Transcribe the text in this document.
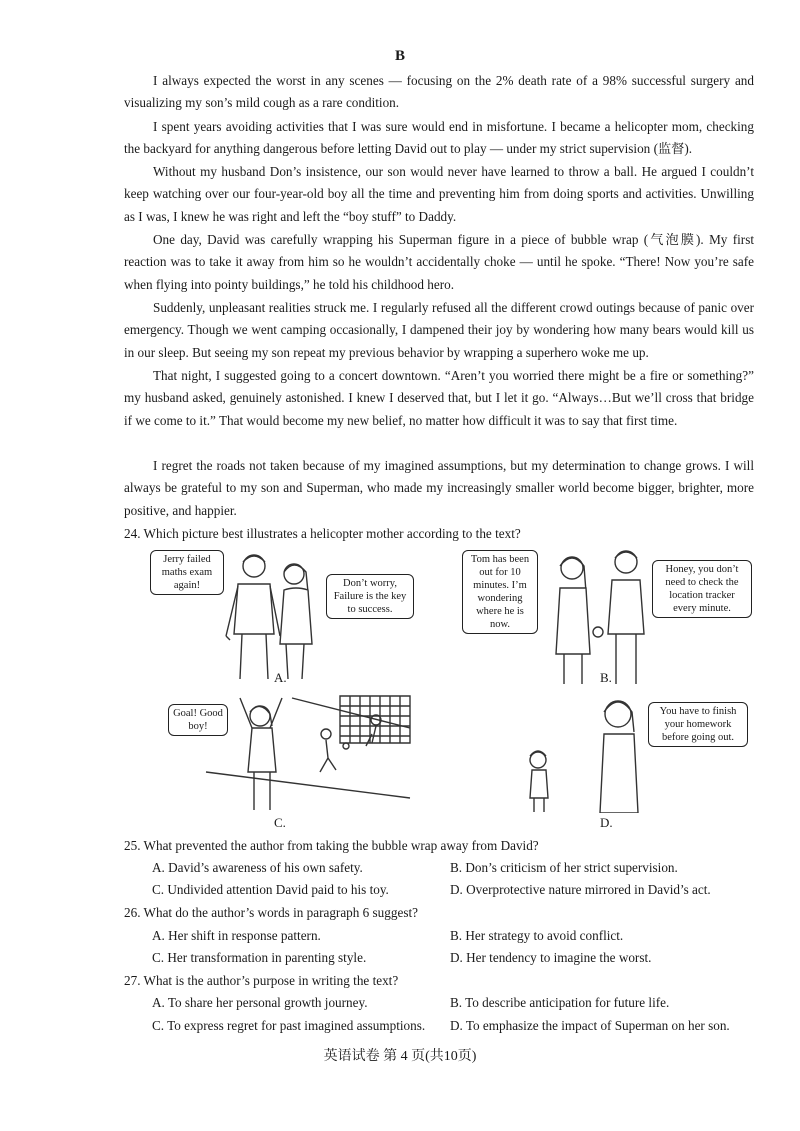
B

I always expected the worst in any scenes — focusing on the 2% death rate of a 98% successful surgery and visualizing my son’s mild cough as a rare condition.

I spent years avoiding activities that I was sure would end in misfortune. I became a helicopter mom, checking the backyard for anything dangerous before letting David out to play — under my strict supervision (监督).

Without my husband Don’s insistence, our son would never have learned to throw a ball. He argued I couldn’t keep watching over our four-year-old boy all the time and preventing him from doing sports and activities. Unwilling as I was, I knew he was right and left the “boy stuff” to Daddy.

One day, David was carefully wrapping his Superman figure in a piece of bubble wrap (气泡膜). My first reaction was to take it away from him so he wouldn’t accidentally choke — until he spoke. “There! Now you’re safe when flying into pointy buildings,” he told his childhood hero.

Suddenly, unpleasant realities struck me. I regularly refused all the different crowd outings because of panic over emergency. Though we went camping occasionally, I dampened their joy by wondering how many bears would kill us in our sleep. But seeing my son repeat my previous behavior by wrapping a superhero woke me up.

That night, I suggested going to a concert downtown. “Aren’t you worried there might be a fire or something?” my husband asked, genuinely astonished. I knew I deserved that, but I let it go. “Always…But we’ll cross that bridge if we come to it.” That would become my new belief, no matter how difficult it was to say that first time.

I regret the roads not taken because of my imagined assumptions, but my determination to change grows. I will always be grateful to my son and Superman, who made my increasingly smaller world become bigger, brighter, more positive, and happier.

24. Which picture best illustrates a helicopter mother according to the text?
Jerry failed maths exam again!	Don’t worry, Failure is the key to success.
A.
Tom has been out for 10 minutes. I’m wondering where he is now.
Honey, you don’t need to check the location tracker every minute.
B.
Goal! Good boy!
C.
You have to finish your homework before going out.
D.
25. What prevented the author from taking the bubble wrap away from David?
A. David’s awareness of his own safety.	B. Don’s criticism of her strict supervision.
C. Undivided attention David paid to his toy.	D. Overprotective nature mirrored in David’s act.
26. What do the author’s words in paragraph 6 suggest?
A. Her shift in response pattern.	B. Her strategy to avoid conflict.
C. Her transformation in parenting style.	D. Her tendency to imagine the worst.
27. What is the author’s purpose in writing the text?
A. To share her personal growth journey.	B. To describe anticipation for future life.
C. To express regret for past imagined assumptions. D. To emphasize the impact of Superman on her son.
英语试卷 第 4 页(共10页)
